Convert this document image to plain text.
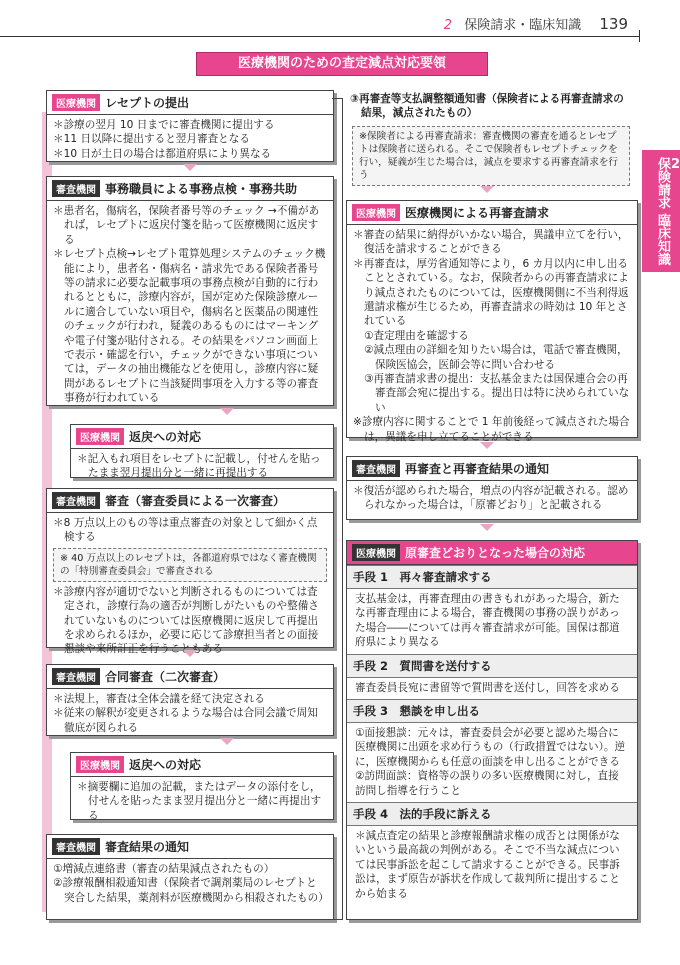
2 保険請求・臨床知識 139
医療機関のための査定減点対応要領
2
保険請求 臨床知識
医療機関 レセプトの提出

＊診療の翌月 10 日までに審査機関に提出する

＊11 日以降に提出すると翌月審査となる

＊10 日が土日の場合は都道府県により異なる

審査機関 事務職員による事務点検・事務共助

＊患者名，傷病名，保険者番号等のチェック →不備があれば，レセプトに返戻付箋を貼って医療機関に返戻する

＊レセプト点検→レセプト電算処理システムのチェック機能により，患者名・傷病名・請求先である保険者番号等の請求に必要な記載事項の事務点検が自動的に行われるとともに，診療内容が，国が定めた保険診療ルールに適合していない項目や，傷病名と医薬品の関連性のチェックが行われ，疑義のあるものにはマーキングや電子付箋が貼付される。その結果をパソコン画面上で表示・確認を行い，チェックができない事項については，データの抽出機能などを使用し，診療内容に疑問があるレセプトに当該疑問事項を入力する等の審査事務が行われている

医療機関 返戻への対応

＊記入もれ項目をレセプトに記載し，付せんを貼ったまま翌月提出分と一緒に再提出する

審査機関 審査（審査委員による一次審査）

＊8 万点以上のもの等は重点審査の対象として細かく点検する

※ 40 万点以上のレセプトは，各都道府県ではなく審査機関の「特別審査委員会」で審査される

＊診療内容が適切でないと判断されるものについては査定され，診療行為の適否が判断しがたいものや整備されていないものについては医療機関に返戻して再提出を求められるほか，必要に応じて診療担当者との面接懇談や来所訂正を行うこともある

審査機関 合同審査（二次審査）

＊法規上，審査は全体会議を経て決定される

＊従来の解釈が変更されるような場合は合同会議で周知徹底が図られる

医療機関 返戻への対応

＊摘要欄に追加の記載，またはデータの添付をし，付せんを貼ったまま翌月提出分と一緒に再提出する

審査機関 審査結果の通知

①増減点連絡書（審査の結果減点されたもの）

②診療報酬相殺通知書（保険者で調剤薬局のレセプトと突合した結果，薬剤料が医療機関から相殺されたもの）

③再審査等支払調整額通知書（保険者による再審査請求の結果，減点されたもの）

※保険者による再審査請求：審査機関の審査を通るとレセプトは保険者に送られる。そこで保険者もレセプトチェックを行い，疑義が生じた場合は，減点を要求する再審査請求を行う
医療機関 医療機関による再審査請求

＊審査の結果に納得がいかない場合，異議申立てを行い，復活を請求することができる

＊再審査は，厚労省通知等により，6 カ月以内に申し出ることとされている。なお，保険者からの再審査請求により減点されたものについては，医療機関側に不当利得返還請求権が生じるため，再審査請求の時効は 10 年とされている

①査定理由を確認する

②減点理由の詳細を知りたい場合は，電話で審査機関，保険医協会，医師会等に問い合わせる

③再審査請求書の提出：支払基金または国保連合会の再審査部会宛に提出する。提出日は特に決められていない

※診療内容に関することで 1 年前後経って減点された場合は，異議を申し立てることができる

審査機関 再審査と再審査結果の通知

＊復活が認められた場合，増点の内容が記載される。認められなかった場合は，「原審どおり」と記載される

医療機関 原審査どおりとなった場合の対応
手段 1　再々審査請求する
支払基金は，再審査理由の書きもれがあった場合，新たな再審査理由による場合，審査機関の事務の誤りがあった場合――については再々審査請求が可能。国保は都道府県により異なる
手段 2　質問書を送付する
審査委員長宛に書留等で質問書を送付し，回答を求める
手段 3　懇談を申し出る
①面接懇談：元々は，審査委員会が必要と認めた場合に医療機関に出頭を求め行うもの（行政措置ではない）。逆に，医療機関からも任意の面談を申し出ることができる
②訪問面談：資格等の誤りの多い医療機関に対し，直接訪問し指導を行うこと
手段 4　法的手段に訴える
＊減点査定の結果と診療報酬請求権の成否とは関係がないという最高裁の判例がある。そこで不当な減点については民事訴訟を起こして請求することができる。民事訴訟は，まず原告が訴状を作成して裁判所に提出することから始まる
